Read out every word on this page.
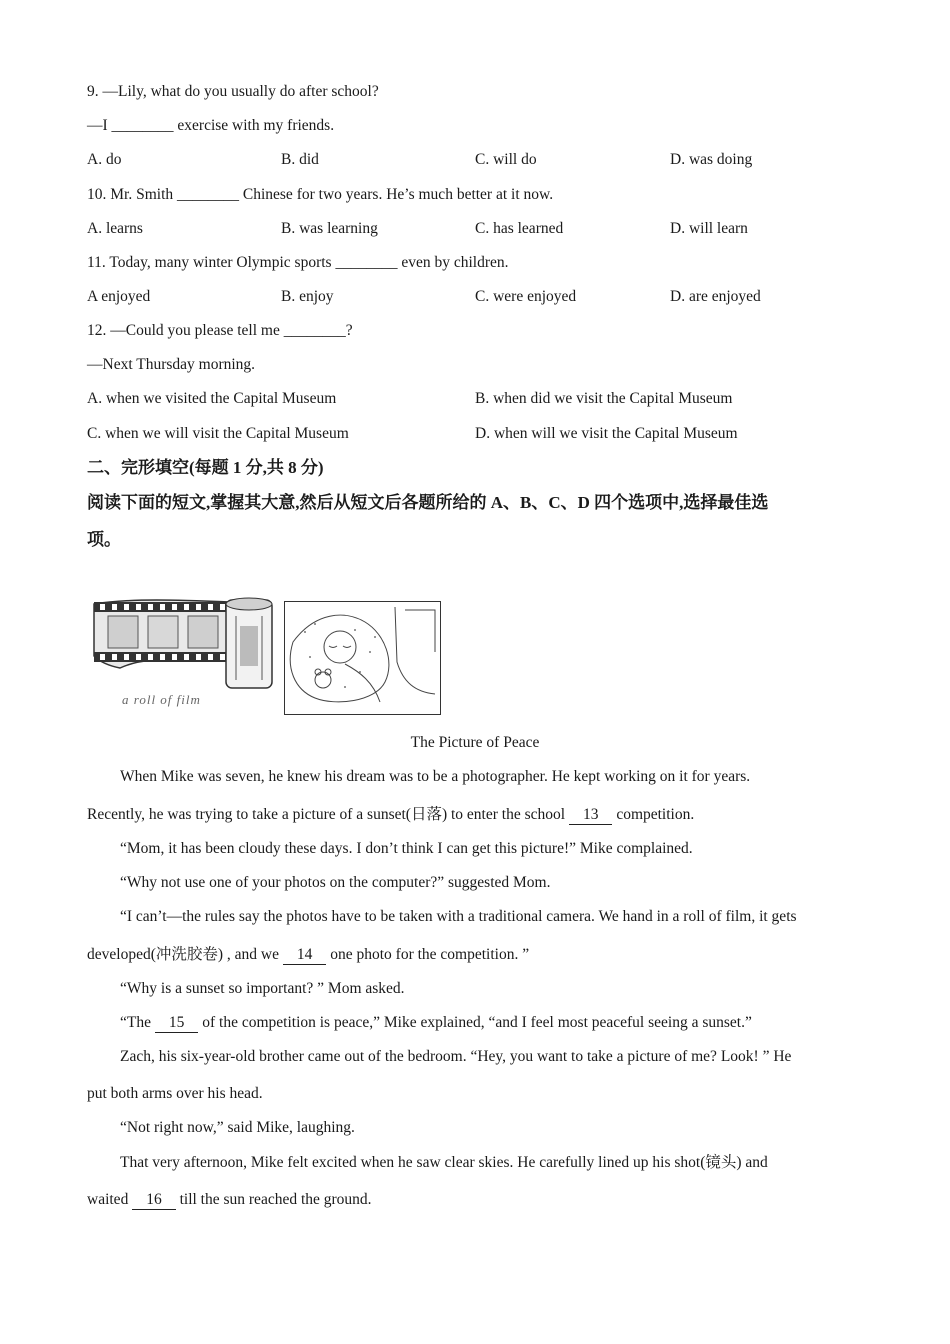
9. —Lily, what do you usually do after school?
—I ________ exercise with my friends.
A. do	B. did	C. will do	D. was doing
10. Mr. Smith ________ Chinese for two years. He’s much better at it now.
A. learns	B. was learning	C. has learned	D. will learn
11. Today, many winter Olympic sports ________ even by children.
A enjoyed	B. enjoy	C. were enjoyed	D. are enjoyed
12. —Could you please tell me ________?
—Next Thursday morning.
A. when we visited the Capital Museum	B. when did we visit the Capital Museum
C. when we will visit the Capital Museum	D. when will we visit the Capital Museum
二、完形填空(每题 1 分,共 8 分)
阅读下面的短文,掌握其大意,然后从短文后各题所给的 A、B、C、D 四个选项中,选择最佳选
项。
a roll of film
The Picture of Peace
When Mike was seven, he knew his dream was to be a photographer. He kept working on it for years.
Recently, he was trying to take a picture of a sunset(日落) to enter the school 13 competition.
“Mom, it has been cloudy these days. I don’t think I can get this picture!” Mike complained.
“Why not use one of your photos on the computer?” suggested Mom.
“I can’t—the rules say the photos have to be taken with a traditional camera. We hand in a roll of film, it gets
developed(冲洗胶卷) , and we 14 one photo for the competition. ”
“Why is a sunset so important? ” Mom asked.
“The 15 of the competition is peace,” Mike explained, “and I feel most peaceful seeing a sunset.”
Zach, his six-year-old brother came out of the bedroom. “Hey, you want to take a picture of me? Look! ” He
put both arms over his head.
“Not right now,” said Mike, laughing.
That very afternoon, Mike felt excited when he saw clear skies. He carefully lined up his shot(镜头) and
waited 16 till the sun reached the ground.
